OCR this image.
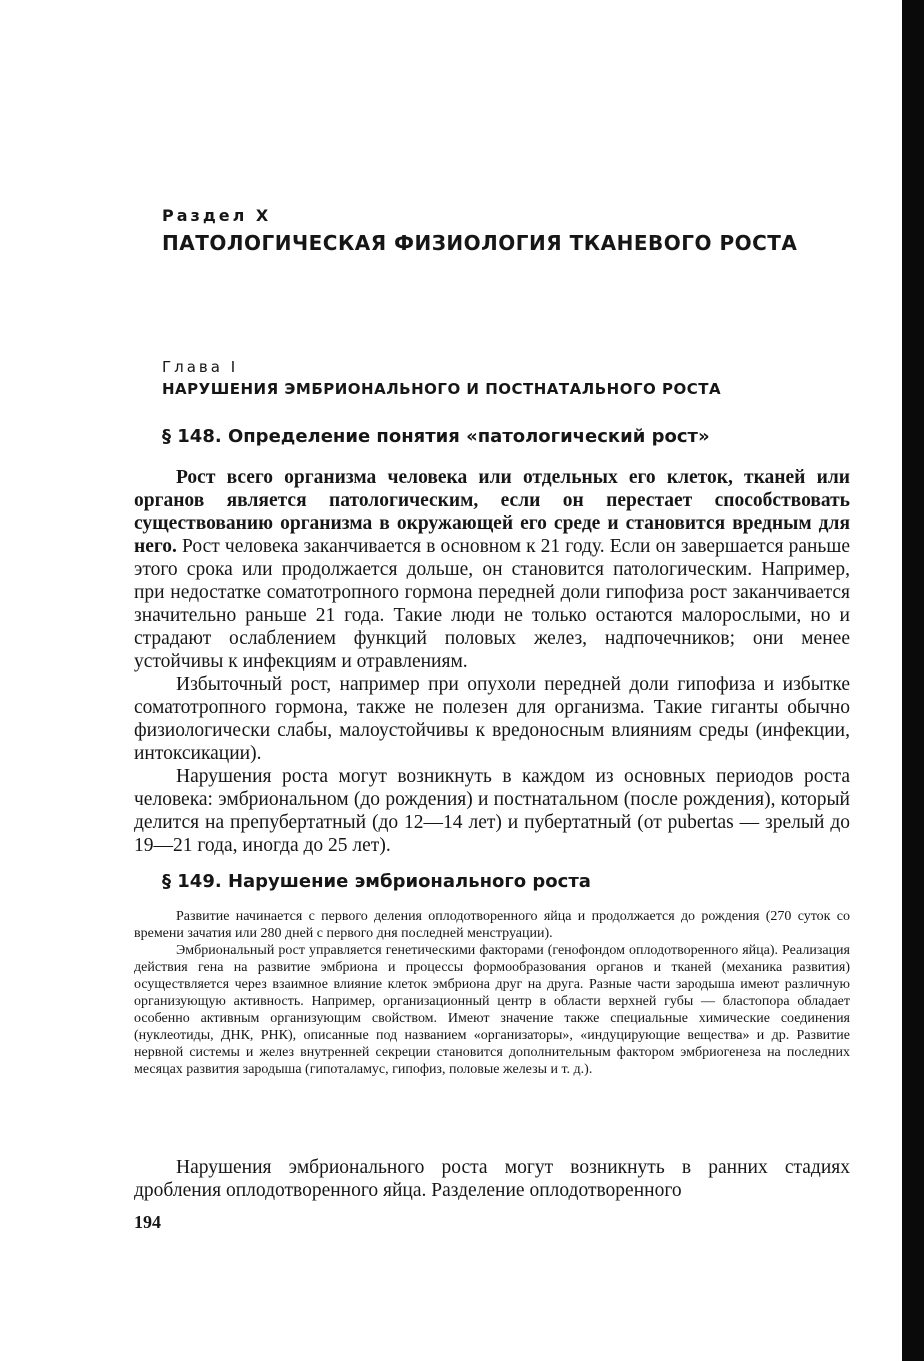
Раздел X
ПАТОЛОГИЧЕСКАЯ ФИЗИОЛОГИЯ ТКАНЕВОГО РОСТА
Глава I
НАРУШЕНИЯ ЭМБРИОНАЛЬНОГО И ПОСТНАТАЛЬНОГО РОСТА
§ 148. Определение понятия «патологический рост»

Рост всего организма человека или отдельных его клеток, тканей или органов является патологическим, если он перестает способствовать существованию организма в окружающей его среде и становится вредным для него. Рост человека заканчивается в основном к 21 году. Если он завершается раньше этого срока или продолжается дольше, он становится патологическим. Например, при недостатке соматотропного гормона передней доли гипофиза рост заканчивается значительно раньше 21 года. Такие люди не только остаются малорослыми, но и страдают ослаблением функций половых желез, надпочечников; они менее устойчивы к инфекциям и отравлениям.

Избыточный рост, например при опухоли передней доли гипофиза и избытке соматотропного гормона, также не полезен для организма. Такие гиганты обычно физиологически слабы, малоустойчивы к вредоносным влияниям среды (инфекции, интоксикации).

Нарушения роста могут возникнуть в каждом из основных периодов роста человека: эмбриональном (до рождения) и постнатальном (после рождения), который делится на препубертатный (до 12—14 лет) и пубертатный (от pubertas — зрелый до 19—21 года, иногда до 25 лет).

§ 149. Нарушение эмбрионального роста

Развитие начинается с первого деления оплодотворенного яйца и продолжается до рождения (270 суток со времени зачатия или 280 дней с первого дня последней менструации).

Эмбриональный рост управляется генетическими факторами (генофондом оплодотворенного яйца). Реализация действия гена на развитие эмбриона и процессы формообразования органов и тканей (механика развития) осуществляется через взаимное влияние клеток эмбриона друг на друга. Разные части зародыша имеют различную организующую активность. Например, организационный центр в области верхней губы — бластопора обладает особенно активным организующим свойством. Имеют значение также специальные химические соединения (нуклеотиды, ДНК, РНК), описанные под названием «организаторы», «индуцирующие вещества» и др. Развитие нервной системы и желез внутренней секреции становится дополнительным фактором эмбриогенеза на последних месяцах развития зародыша (гипоталамус, гипофиз, половые железы и т. д.).

Нарушения эмбрионального роста могут возникнуть в ранних стадиях дробления оплодотворенного яйца. Разделение оплодотворенного

194
